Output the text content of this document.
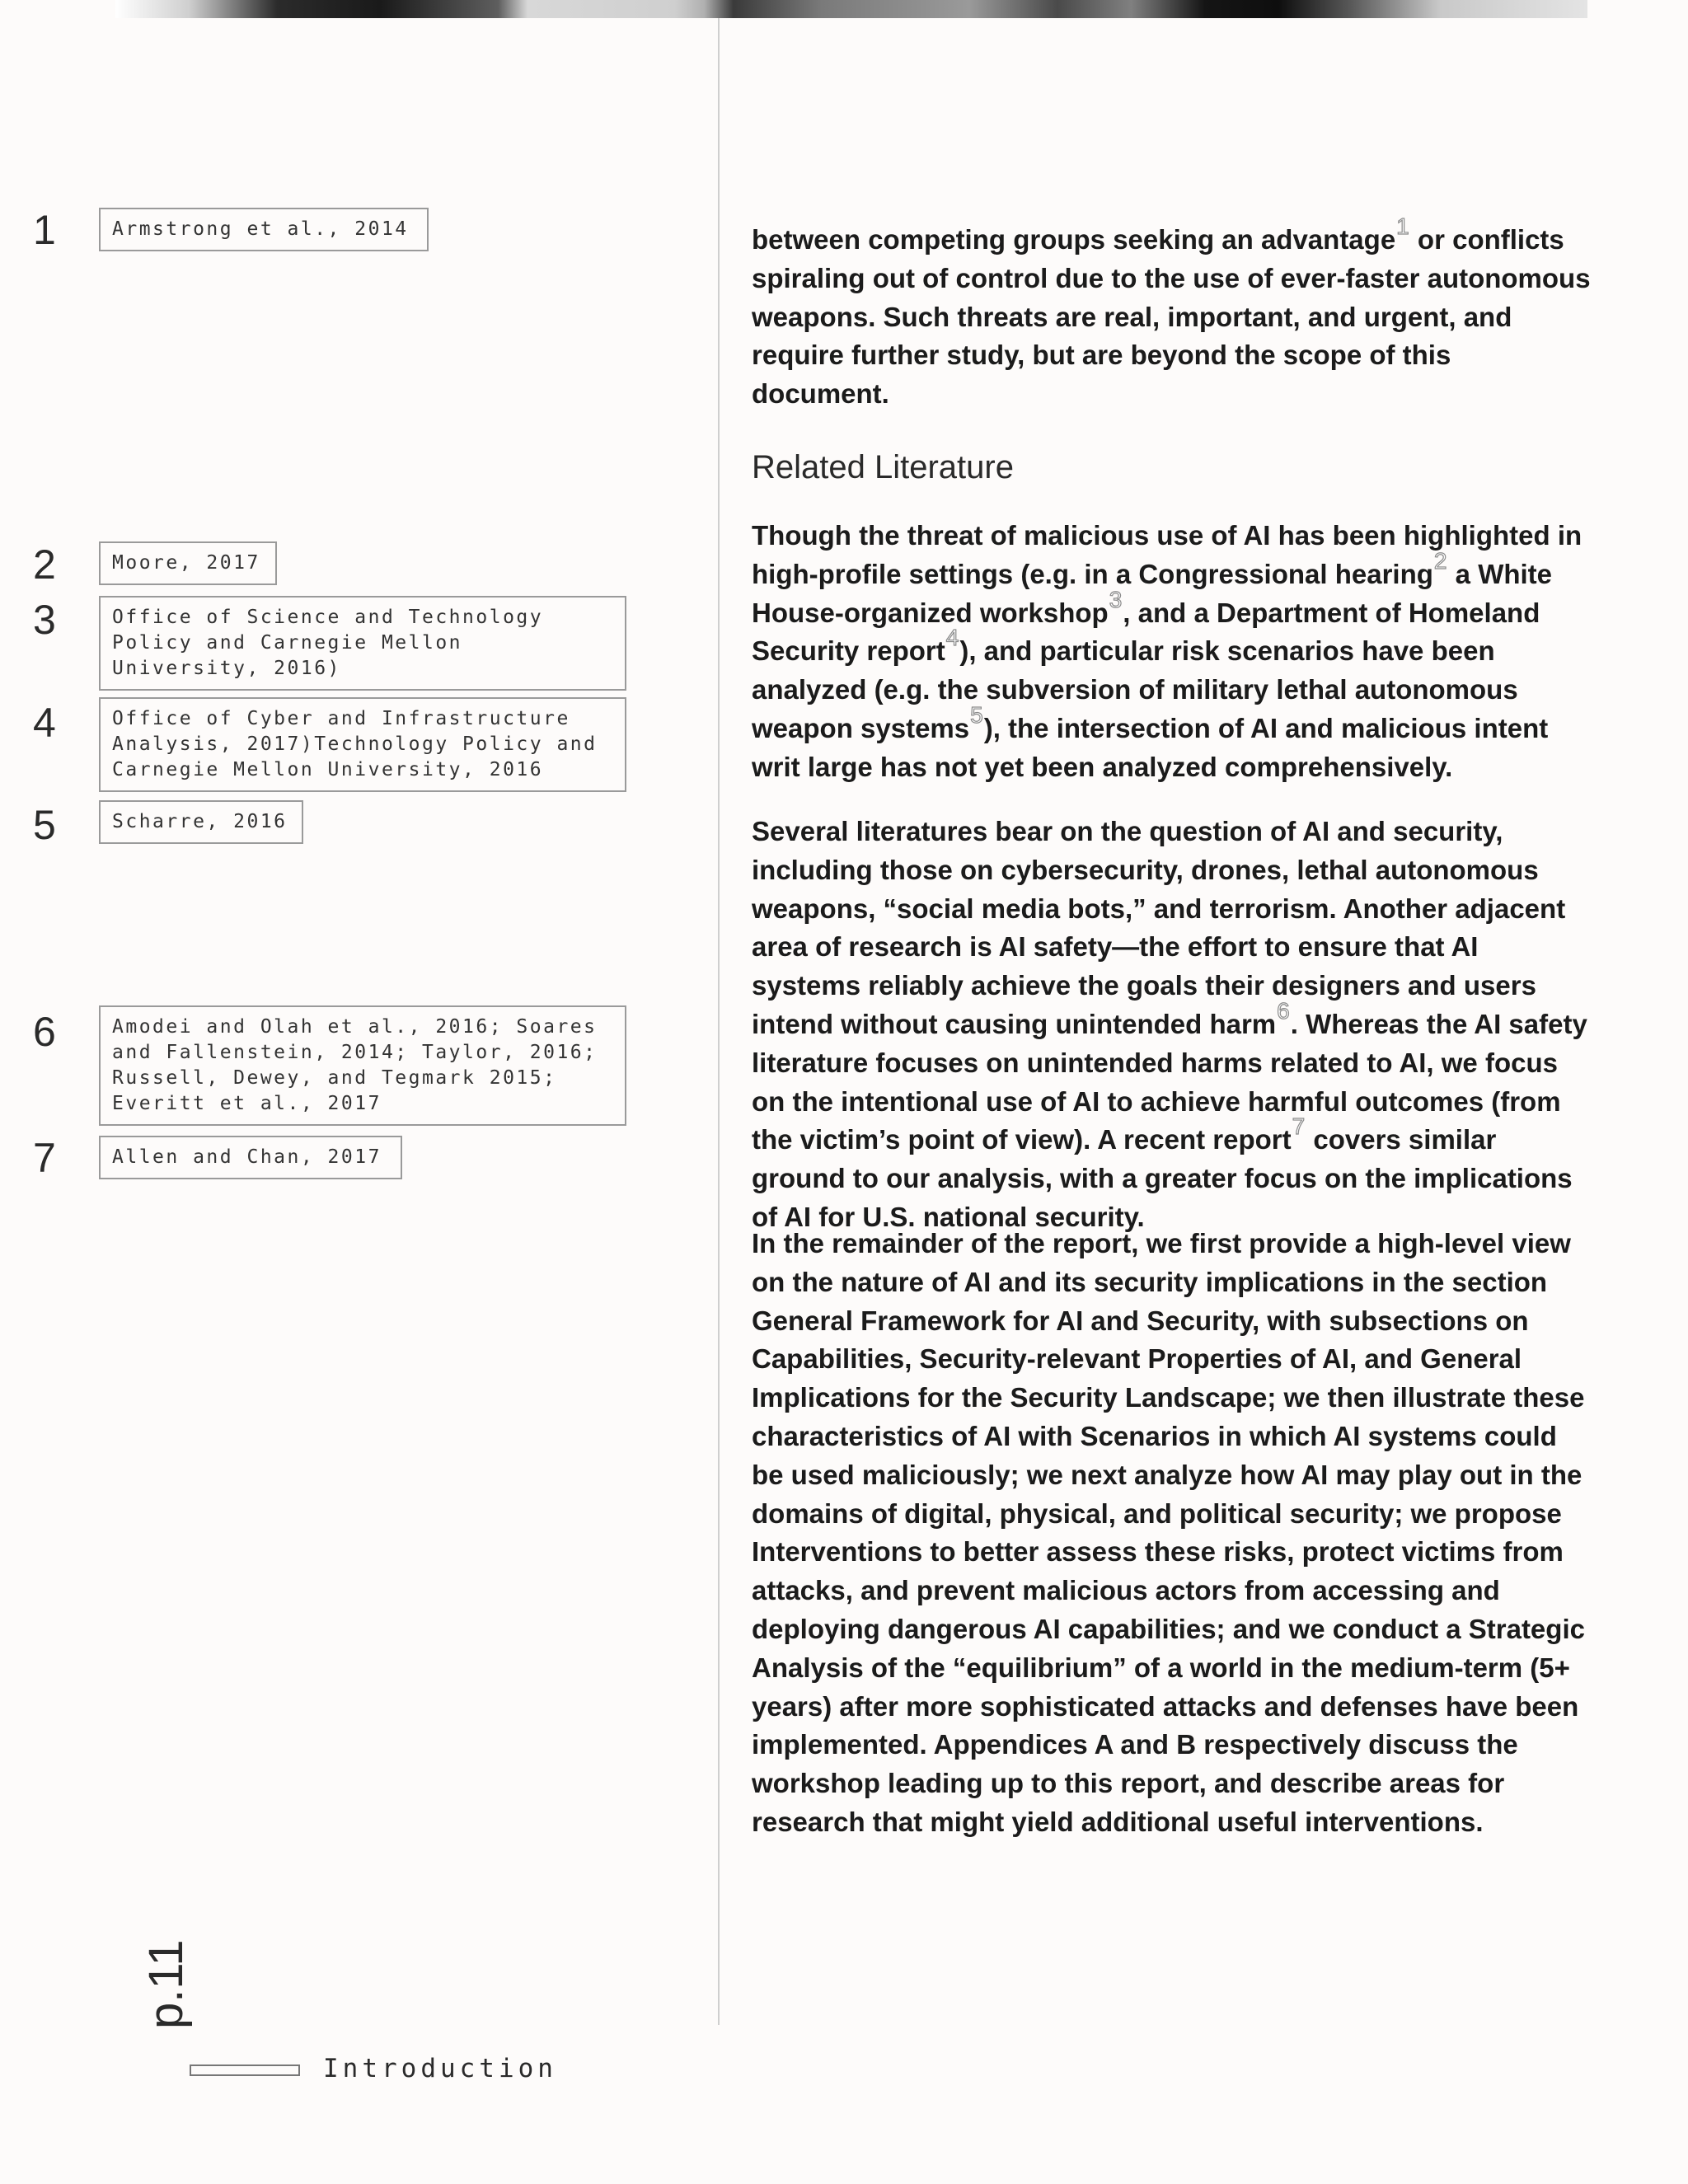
1	Armstrong et al., 2014
2	Moore, 2017
3	Office of Science and Technology
Policy and Carnegie Mellon
University, 2016)
4	Office of Cyber and Infrastructure
Analysis, 2017)Technology Policy and
Carnegie Mellon University, 2016
5	Scharre, 2016
6	Amodei and Olah et al., 2016; Soares
and Fallenstein, 2014; Taylor, 2016;
Russell, Dewey, and Tegmark 2015;
Everitt et al., 2017
7	Allen and Chan, 2017

between competing groups seeking an advantage$^1$ or conflicts spiraling out of control due to the use of ever-faster autonomous weapons. Such threats are real, important, and urgent, and require further study, but are beyond the scope of this document.

Related Literature

Though the threat of malicious use of AI has been highlighted in high-profile settings (e.g. in a Congressional hearing$^2$ a White House-organized workshop$^3$, and a Department of Homeland Security report$^4$), and particular risk scenarios have been analyzed (e.g. the subversion of military lethal autonomous weapon systems$^5$), the intersection of AI and malicious intent writ large has not yet been analyzed comprehensively.

Several literatures bear on the question of AI and security, including those on cybersecurity, drones, lethal autonomous weapons, “social media bots,” and terrorism. Another adjacent area of research is AI safety—the effort to ensure that AI systems reliably achieve the goals their designers and users intend without causing unintended harm$^6$. Whereas the AI safety literature focuses on unintended harms related to AI, we focus on the intentional use of AI to achieve harmful outcomes (from the victim’s point of view). A recent report$^7$ covers similar ground to our analysis, with a greater focus on the implications of AI for U.S. national security.

In the remainder of the report, we first provide a high-level view on the nature of AI and its security implications in the section General Framework for AI and Security, with subsections on Capabilities, Security-relevant Properties of AI, and General Implications for the Security Landscape; we then illustrate these characteristics of AI with Scenarios in which AI systems could be used maliciously; we next analyze how AI may play out in the domains of digital, physical, and political security; we propose Interventions to better assess these risks, protect victims from attacks, and prevent malicious actors from accessing and deploying dangerous AI capabilities; and we conduct a Strategic Analysis of the “equilibrium” of a world in the medium-term (5+ years) after more sophisticated attacks and defenses have been implemented. Appendices A and B respectively discuss the workshop leading up to this report, and describe areas for research that might yield additional useful interventions.

p.11
Introduction
